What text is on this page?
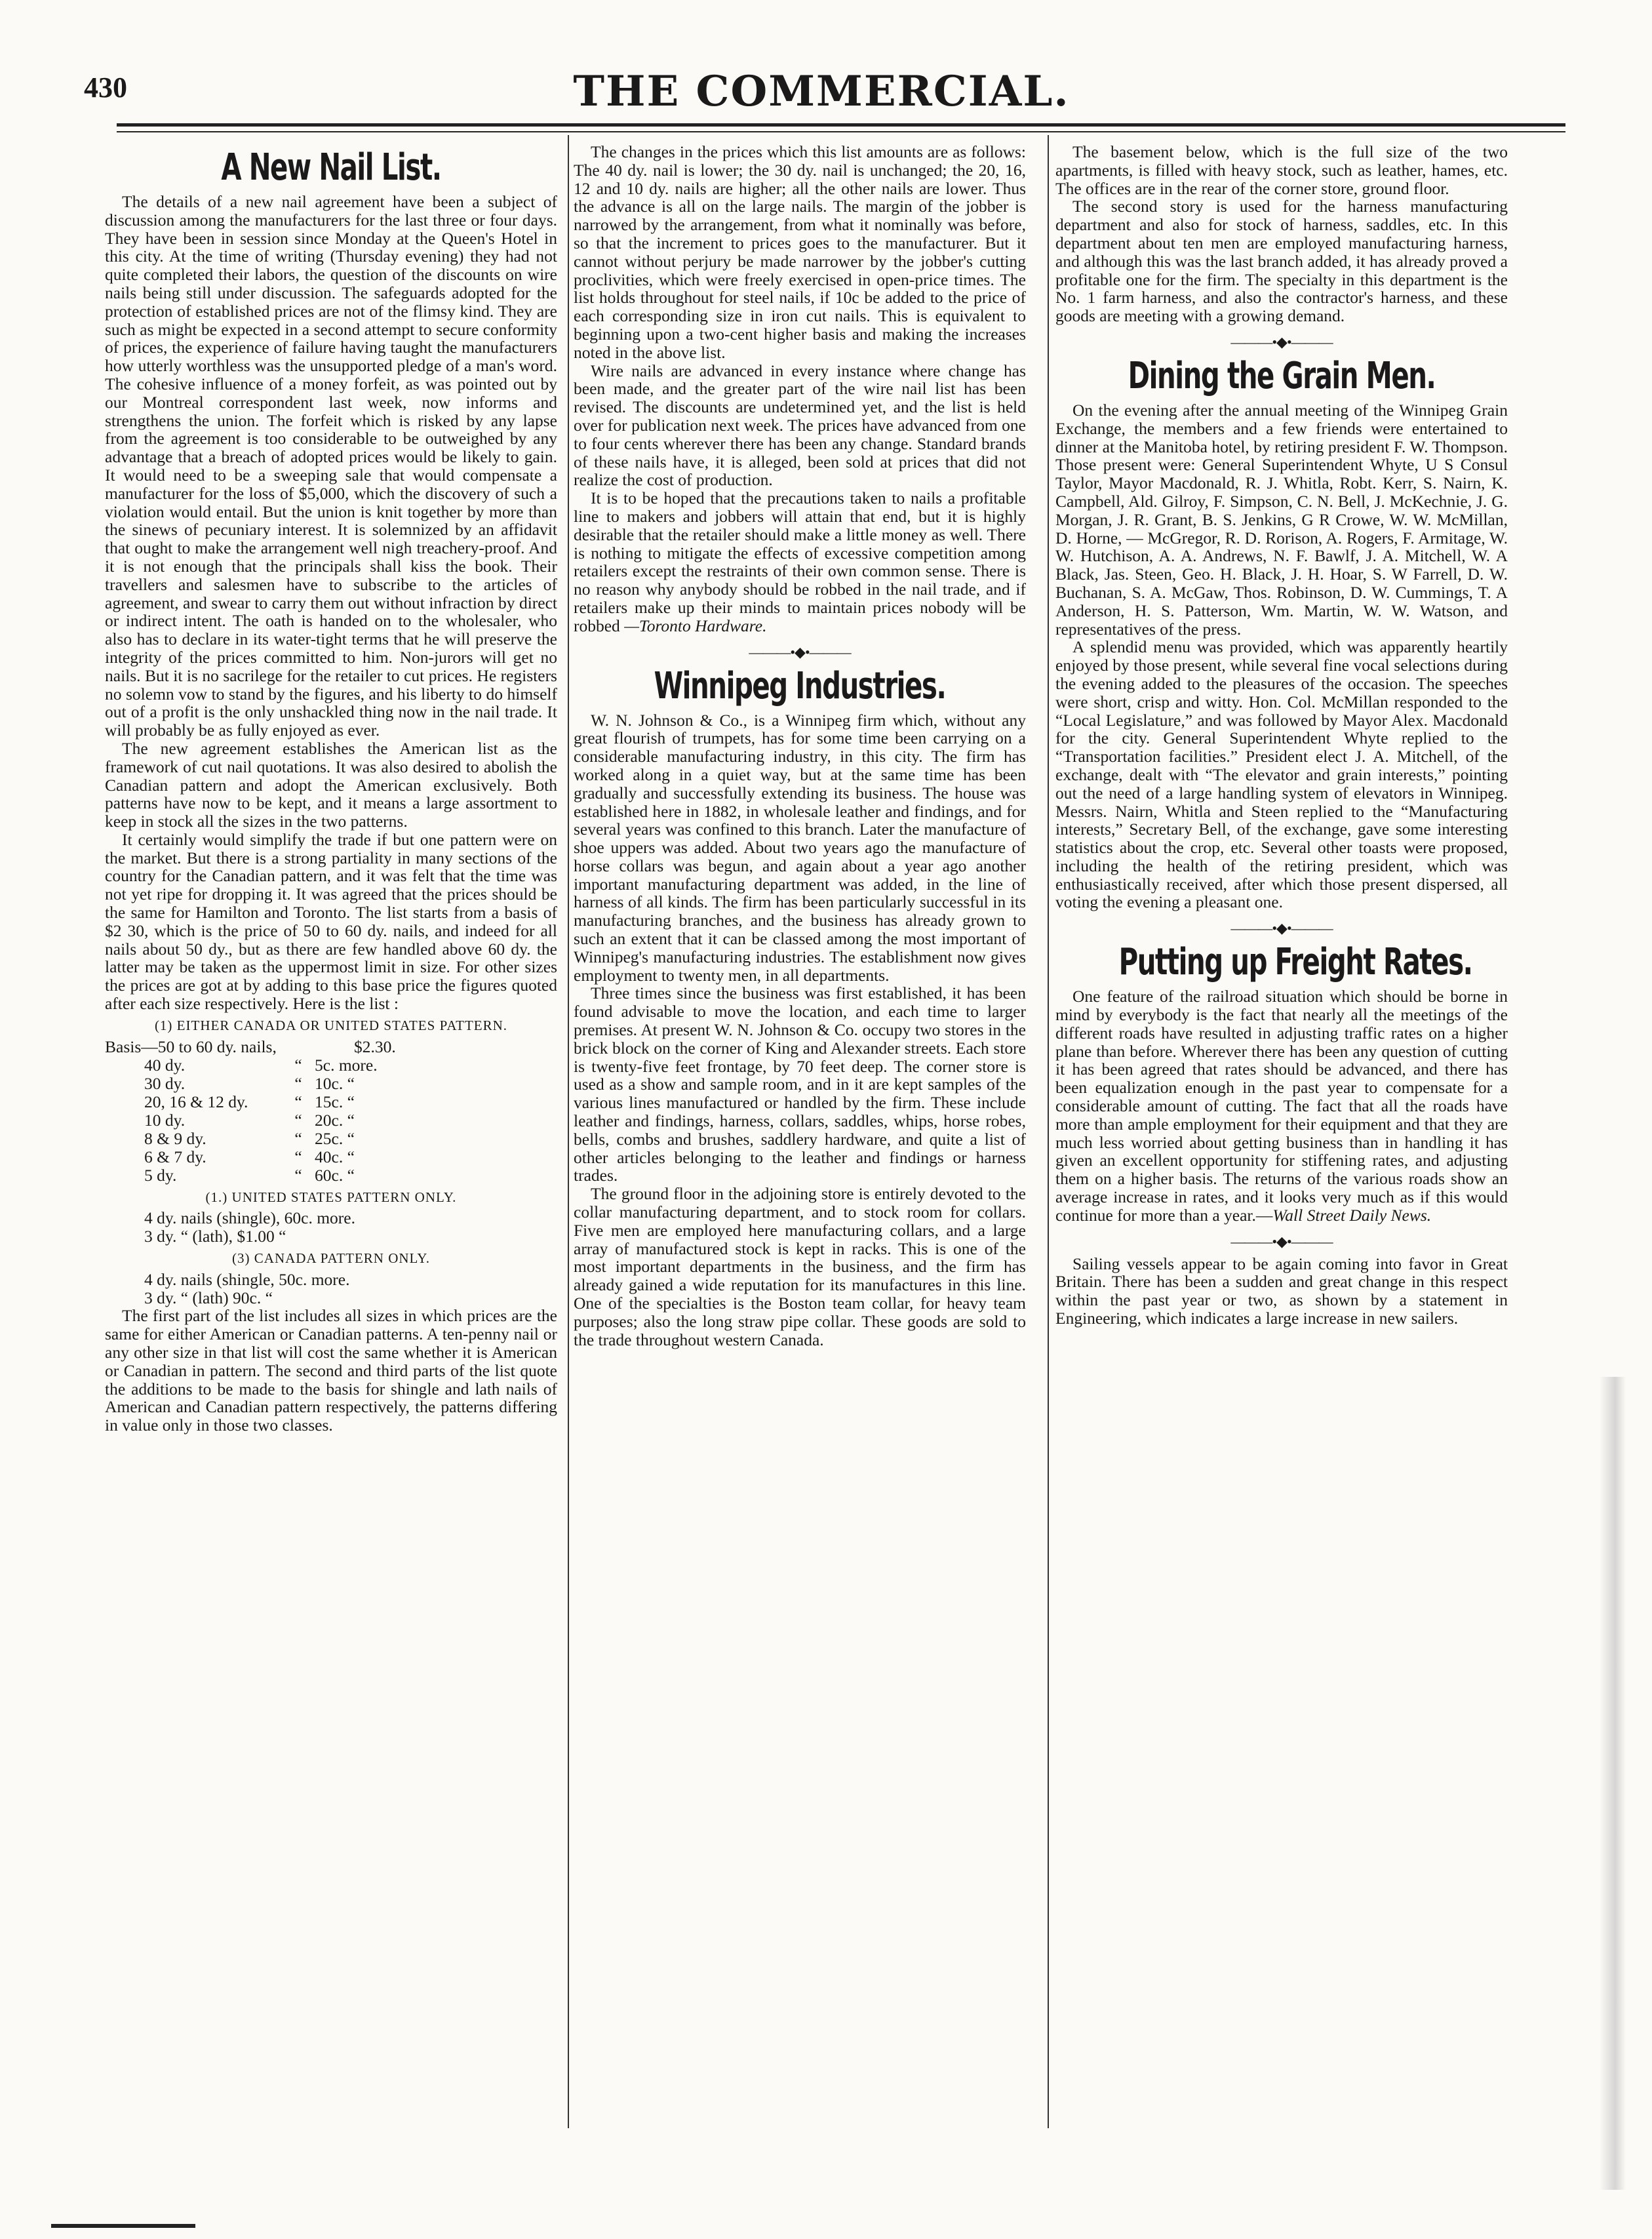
430	THE COMMERCIAL.
A New Nail List.

The details of a new nail agreement have been a subject of discussion among the manufacturers for the last three or four days. They have been in session since Monday at the Queen's Hotel in this city. At the time of writing (Thursday evening) they had not quite completed their labors, the question of the discounts on wire nails being still under discussion. The safeguards adopted for the protection of established prices are not of the flimsy kind. They are such as might be expected in a second attempt to secure conformity of prices, the experience of failure having taught the manufacturers how utterly worthless was the unsupported pledge of a man's word. The cohesive influence of a money forfeit, as was pointed out by our Montreal correspondent last week, now informs and strengthens the union. The forfeit which is risked by any lapse from the agreement is too considerable to be outweighed by any advantage that a breach of adopted prices would be likely to gain. It would need to be a sweeping sale that would compensate a manufacturer for the loss of $5,000, which the discovery of such a violation would entail. But the union is knit together by more than the sinews of pecuniary interest. It is solemnized by an affidavit that ought to make the arrangement well nigh treachery-proof. And it is not enough that the principals shall kiss the book. Their travellers and salesmen have to subscribe to the articles of agreement, and swear to carry them out without infraction by direct or indirect intent. The oath is handed on to the wholesaler, who also has to declare in its water-tight terms that he will preserve the integrity of the prices committed to him. Non-jurors will get no nails. But it is no sacrilege for the retailer to cut prices. He registers no solemn vow to stand by the figures, and his liberty to do himself out of a profit is the only unshackled thing now in the nail trade. It will probably be as fully enjoyed as ever.

The new agreement establishes the American list as the framework of cut nail quotations. It was also desired to abolish the Canadian pattern and adopt the American exclusively. Both patterns have now to be kept, and it means a large assortment to keep in stock all the sizes in the two patterns.

It certainly would simplify the trade if but one pattern were on the market. But there is a strong partiality in many sections of the country for the Canadian pattern, and it was felt that the time was not yet ripe for dropping it. It was agreed that the prices should be the same for Hamilton and Toronto. The list starts from a basis of $2 30, which is the price of 50 to 60 dy. nails, and indeed for all nails about 50 dy., but as there are few handled above 60 dy. the latter may be taken as the uppermost limit in size. For other sizes the prices are got at by adding to this base price the figures quoted after each size respectively. Here is the list :

(1) EITHER CANADA OR UNITED STATES PATTERN.
Basis—50 to 60 dy. nails,	$2.30.
40 dy.	“ 5c. more.
30 dy.	“ 10c. “
20, 16 & 12 dy.	“ 15c. “
10 dy.	“ 20c. “
8 & 9 dy.	“ 25c. “
6 & 7 dy.	“ 40c. “
5 dy.	“ 60c. “
(1.) UNITED STATES PATTERN ONLY.

4 dy. nails (shingle), 60c. more.

3 dy. “ (lath), $1.00 “

(3) CANADA PATTERN ONLY.

4 dy. nails (shingle, 50c. more.

3 dy. “ (lath) 90c. “

The first part of the list includes all sizes in which prices are the same for either American or Canadian patterns. A ten-penny nail or any other size in that list will cost the same whether it is American or Canadian in pattern. The second and third parts of the list quote the additions to be made to the basis for shingle and lath nails of American and Canadian pattern respectively, the patterns differing in value only in those two classes.

The changes in the prices which this list amounts are as follows: The 40 dy. nail is lower; the 30 dy. nail is unchanged; the 20, 16, 12 and 10 dy. nails are higher; all the other nails are lower. Thus the advance is all on the large nails. The margin of the jobber is narrowed by the arrangement, from what it nominally was before, so that the increment to prices goes to the manufacturer. But it cannot without perjury be made narrower by the jobber's cutting proclivities, which were freely exercised in open-price times. The list holds throughout for steel nails, if 10c be added to the price of each corresponding size in iron cut nails. This is equivalent to beginning upon a two-cent higher basis and making the increases noted in the above list.

Wire nails are advanced in every instance where change has been made, and the greater part of the wire nail list has been revised. The discounts are undetermined yet, and the list is held over for publication next week. The prices have advanced from one to four cents wherever there has been any change. Standard brands of these nails have, it is alleged, been sold at prices that did not realize the cost of production.

It is to be hoped that the precautions taken to nails a profitable line to makers and jobbers will attain that end, but it is highly desirable that the retailer should make a little money as well. There is nothing to mitigate the effects of excessive competition among retailers except the restraints of their own common sense. There is no reason why anybody should be robbed in the nail trade, and if retailers make up their minds to maintain prices nobody will be robbed —Toronto Hardware.

———•◆•———
Winnipeg Industries.

W. N. Johnson & Co., is a Winnipeg firm which, without any great flourish of trumpets, has for some time been carrying on a considerable manufacturing industry, in this city. The firm has worked along in a quiet way, but at the same time has been gradually and successfully extending its business. The house was established here in 1882, in wholesale leather and findings, and for several years was confined to this branch. Later the manufacture of shoe uppers was added. About two years ago the manufacture of horse collars was begun, and again about a year ago another important manufacturing department was added, in the line of harness of all kinds. The firm has been particularly successful in its manufacturing branches, and the business has already grown to such an extent that it can be classed among the most important of Winnipeg's manufacturing industries. The establishment now gives employment to twenty men, in all departments.

Three times since the business was first established, it has been found advisable to move the location, and each time to larger premises. At present W. N. Johnson & Co. occupy two stores in the brick block on the corner of King and Alexander streets. Each store is twenty-five feet frontage, by 70 feet deep. The corner store is used as a show and sample room, and in it are kept samples of the various lines manufactured or handled by the firm. These include leather and findings, harness, collars, saddles, whips, horse robes, bells, combs and brushes, saddlery hardware, and quite a list of other articles belonging to the leather and findings or harness trades.

The ground floor in the adjoining store is entirely devoted to the collar manufacturing department, and to stock room for collars. Five men are employed here manufacturing collars, and a large array of manufactured stock is kept in racks. This is one of the most important departments in the business, and the firm has already gained a wide reputation for its manufactures in this line. One of the specialties is the Boston team collar, for heavy team purposes; also the long straw pipe collar. These goods are sold to the trade throughout western Canada.

The basement below, which is the full size of the two apartments, is filled with heavy stock, such as leather, hames, etc. The offices are in the rear of the corner store, ground floor.

The second story is used for the harness manufacturing department and also for stock of harness, saddles, etc. In this department about ten men are employed manufacturing harness, and although this was the last branch added, it has already proved a profitable one for the firm. The specialty in this department is the No. 1 farm harness, and also the contractor's harness, and these goods are meeting with a growing demand.

———•◆•———
Dining the Grain Men.

On the evening after the annual meeting of the Winnipeg Grain Exchange, the members and a few friends were entertained to dinner at the Manitoba hotel, by retiring president F. W. Thompson. Those present were: General Superintendent Whyte, U S Consul Taylor, Mayor Macdonald, R. J. Whitla, Robt. Kerr, S. Nairn, K. Campbell, Ald. Gilroy, F. Simpson, C. N. Bell, J. McKechnie, J. G. Morgan, J. R. Grant, B. S. Jenkins, G R Crowe, W. W. McMillan, D. Horne, — McGregor, R. D. Rorison, A. Rogers, F. Armitage, W. W. Hutchison, A. A. Andrews, N. F. Bawlf, J. A. Mitchell, W. A Black, Jas. Steen, Geo. H. Black, J. H. Hoar, S. W Farrell, D. W. Buchanan, S. A. McGaw, Thos. Robinson, D. W. Cummings, T. A Anderson, H. S. Patterson, Wm. Martin, W. W. Watson, and representatives of the press.

A splendid menu was provided, which was apparently heartily enjoyed by those present, while several fine vocal selections during the evening added to the pleasures of the occasion. The speeches were short, crisp and witty. Hon. Col. McMillan responded to the “Local Legislature,” and was followed by Mayor Alex. Macdonald for the city. General Superintendent Whyte replied to the “Transportation facilities.” President elect J. A. Mitchell, of the exchange, dealt with “The elevator and grain interests,” pointing out the need of a large handling system of elevators in Winnipeg. Messrs. Nairn, Whitla and Steen replied to the “Manufacturing interests,” Secretary Bell, of the exchange, gave some interesting statistics about the crop, etc. Several other toasts were proposed, including the health of the retiring president, which was enthusiastically received, after which those present dispersed, all voting the evening a pleasant one.

———•◆•———
Putting up Freight Rates.

One feature of the railroad situation which should be borne in mind by everybody is the fact that nearly all the meetings of the different roads have resulted in adjusting traffic rates on a higher plane than before. Wherever there has been any question of cutting it has been agreed that rates should be advanced, and there has been equalization enough in the past year to compensate for a considerable amount of cutting. The fact that all the roads have more than ample employment for their equipment and that they are much less worried about getting business than in handling it has given an excellent opportunity for stiffening rates, and adjusting them on a higher basis. The returns of the various roads show an average increase in rates, and it looks very much as if this would continue for more than a year.—Wall Street Daily News.

———•◆•———

Sailing vessels appear to be again coming into favor in Great Britain. There has been a sudden and great change in this respect within the past year or two, as shown by a statement in Engineering, which indicates a large increase in new sailers.
